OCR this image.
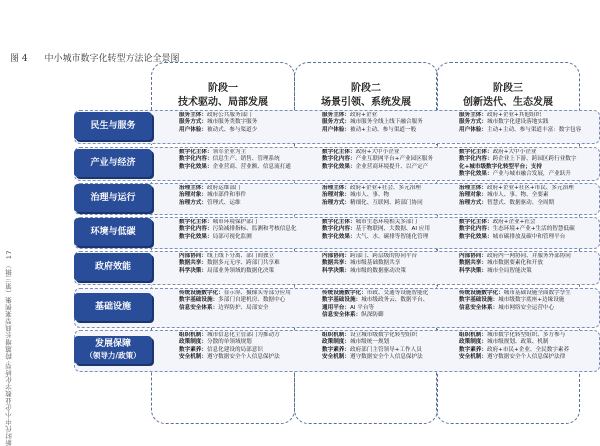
新时代中小企业数字化转型·跨越增长典型案例集（第三辑） 17
图 4 中小城市数字化转型方法论全景图
阶段一
技术驱动、局部发展
阶段二
场景引领、系统发展
阶段三
创新迭代、生态发展
民生与服务
服务主体：政府公共服务部门
服务方式：城市服务类数字服务
用户体验：被动式、参与渠道少
服务主体：政府+企业
服务方式：城市服务全线上线下融合服务
用户体验：被动+主动、参与渠道一般
服务主体：政府+企业+其他组织
服务方式：城市数字化建设落地实践
用户体验：主动+主动、参与渠道丰富：数字包容
产业与经济
数字化主体：领军企业为主
数字化内容：信息生产、销售、管理系统
数字化效果：企业营商、营业额、信息流打通
数字化主体：政府+大中小企业
数字化内容：产业互联网平台+产业园区服务
数字化效果：企业营商环境提升、以产定产
数字化主体：政府+大中小企业
数字化内容：跨企业上下游、跨园区跨行业数字
化+城市级数字化转型平台；支持
数字化效果：产业与城市融合发展，产业跃升
治理与运行
治理主体：政府运维部门
治理对象：城市部件和事件
治理方式：管理式、运维
治理主体：政府+企业+社会、多元治理
治理对象：城市人、事、物
治理方式：精细化、互联网、跨部门协同
治理主体：政府+企业+社区+市民、多元治理
治理对象：城市人、事、物、全要素
治理方式：智慧式、数据驱动、全周期
环境与低碳
数字化主体：城市环境保护部门
数字化内容：污染减排指标、监测和考核信息化
数字化效果：局部可视化监测
数字化主体：城市生态环境相关多部门
数字化内容：基于物联网、大数据、AI 应用
数字化效果：大气、水、碳排等智能化管理
数字化主体：政府+企业+社会
数字化内容：生态环境+产业+生活的智慧低碳
数字化效果：城市碳排放及碳中和管理平台
政府效能
内部协同：线上线下分离、部门间独立
数据共享：数据多元无序、跨部门共享难
科学决策：局部业务领域的数据化决策
内部协同：跨部门、跨层级的协同平台
数据共享：城市级基础数据共享
科学决策：城市级的数据驱动决策
内部协同：政府内一网协同、并服务外部协同
数据共享：城市数据要素化和开放
科学决策：城市全局智能决策
基础设施
传统设施数字化：显示屏、摄像头等部分应用
数字基础设施：多部门自建机房、数据中心
信息安全体系：边界防护、局部安全
传统设施数字化：市政、交通等设施智能化
数字基础设施：城市级政务云、数据平台、
通用平台：AI 平台等
信息安全体系：纵深防御
传统设施数字化：城市基础设施全面数字孪生
数字基础设施：城市级数字底座+边缘设施
信息安全体系：城市网络安全运营中心
发展保障
（领导力/政策）
组织机制：城市信息化主管部门为推动方
政策制度：分散的单领域规划
数字素养：信息化建设的局部意识
安全机制：遵守数据安全个人信息保护法
组织机制：设立城市级数字化转型组织
政策制度：城市级统一规划
数字素养：政府部门主管领导+工作人员
安全机制：遵守数据安全个人信息保护法
组织机制：城市数字化转型组织、多方参与
政策制度：城市级规划、政策、机制
数字素养：政府+市民+企业、全民数字素养
安全机制：遵守数据安全个人信息保护法律
